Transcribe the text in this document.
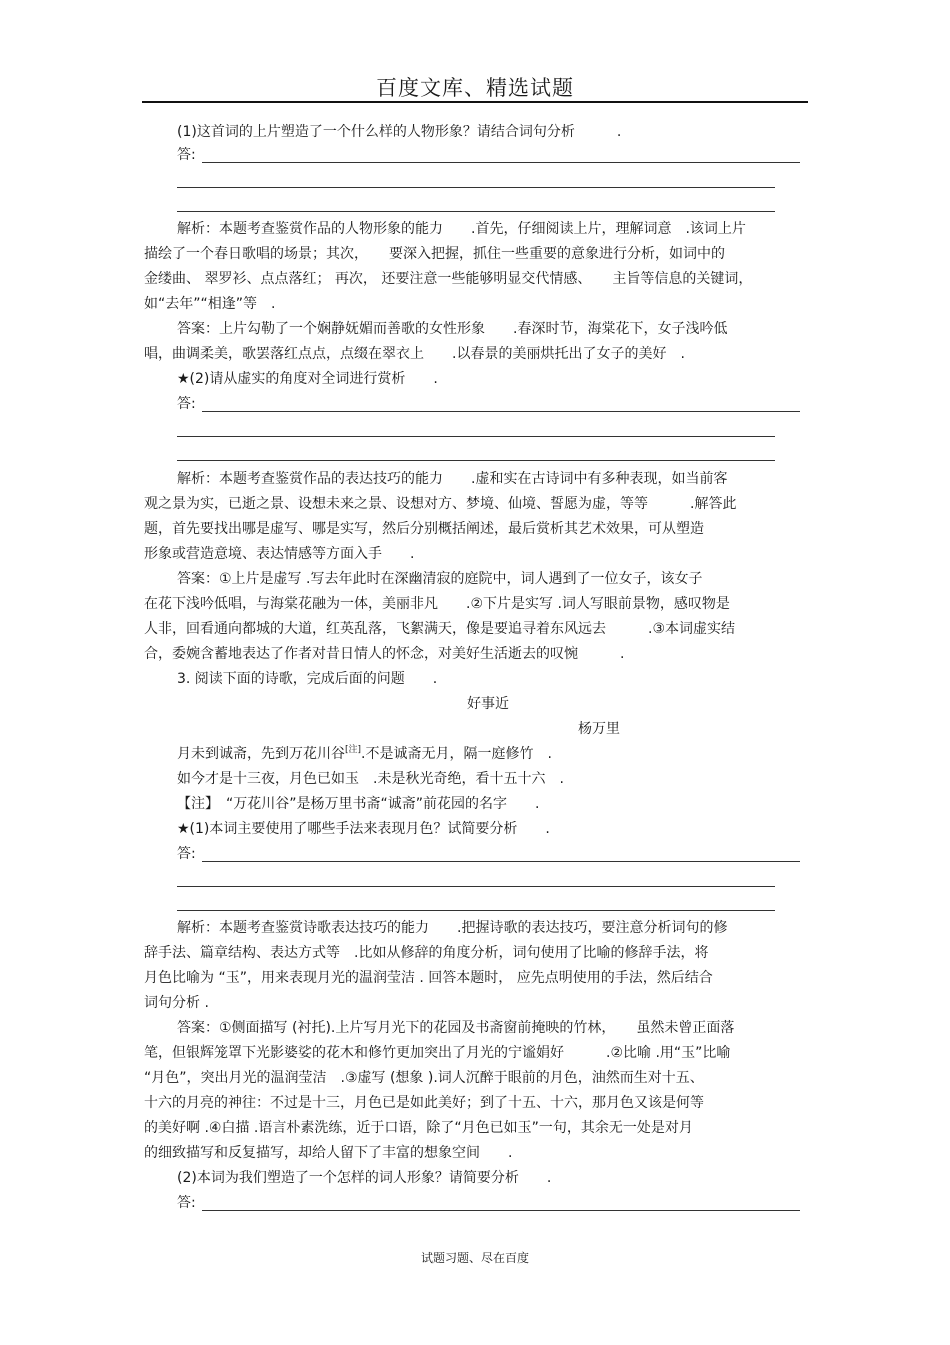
百度文库、精选试题
(1)这首词的上片塑造了一个什么样的人物形象？请结合词句分析　　　.
答:
解析：本题考查鉴赏作品的人物形象的能力　　.首先，仔细阅读上片，理解词意　.该词上片
描绘了一个春日歌唱的场景；其次，　　要深入把握，抓住一些重要的意象进行分析，如词中的
金缕曲、 翠罗衫、点点落红； 再次， 还要注意一些能够明显交代情感、　　主旨等信息的关键词，
如“去年”“相逢”等　.
答案：上片勾勒了一个娴静妩媚而善歌的女性形象　　.春深时节，海棠花下，女子浅吟低
唱，曲调柔美，歌罢落红点点，点缀在翠衣上　　.以春景的美丽烘托出了女子的美好　.
★(2)请从虚实的角度对全词进行赏析　　.
答:
解析：本题考查鉴赏作品的表达技巧的能力　　.虚和实在古诗词中有多种表现，如当前客
观之景为实，已逝之景、设想未来之景、设想对方、梦境、仙境、誓愿为虚，等等　　　.解答此
题，首先要找出哪是虚写、哪是实写，然后分别概括阐述，最后赏析其艺术效果，可从塑造
形象或营造意境、表达情感等方面入手　　.
答案：①上片是虚写 .写去年此时在深幽清寂的庭院中，词人遇到了一位女子，该女子
在花下浅吟低唱，与海棠花融为一体，美丽非凡　　.②下片是实写 .词人写眼前景物，感叹物是
人非，回看通向都城的大道，红英乱落，飞絮满天，像是要追寻着东风远去　　　.③本词虚实结
合，委婉含蓄地表达了作者对昔日情人的怀念，对美好生活逝去的叹惋　　　.
3. 阅读下面的诗歌，完成后面的问题　　.
好事近
杨万里
月未到诚斋，先到万花川谷[注].不是诚斋无月，隔一庭修竹　.
如今才是十三夜，月色已如玉　.未是秋光奇绝，看十五十六　.
【注】　“万花川谷”是杨万里书斋“诚斋”前花园的名字　　.
★(1)本词主要使用了哪些手法来表现月色？试简要分析　　.
答:
解析：本题考查鉴赏诗歌表达技巧的能力　　.把握诗歌的表达技巧，要注意分析词句的修
辞手法、篇章结构、表达方式等　.比如从修辞的角度分析，词句使用了比喻的修辞手法，将
月色比喻为 “玉”，用来表现月光的温润莹洁 . 回答本题时， 应先点明使用的手法，然后结合
词句分析 .
答案：①侧面描写 (衬托).上片写月光下的花园及书斋窗前掩映的竹林，　　虽然未曾正面落
笔，但银辉笼罩下光影婆娑的花木和修竹更加突出了月光的宁谧娟好　　　.②比喻 .用“玉”比喻
“月色”，突出月光的温润莹洁　.③虚写 (想象 ).词人沉醉于眼前的月色，油然而生对十五、
十六的月亮的神往：不过是十三，月色已是如此美好；到了十五、十六，那月色又该是何等
的美好啊 .④白描 .语言朴素洗练，近于口语，除了“月色已如玉”一句，其余无一处是对月
的细致描写和反复描写，却给人留下了丰富的想象空间　　.
(2)本词为我们塑造了一个怎样的词人形象？请简要分析　　.
答:
试题习题、尽在百度
